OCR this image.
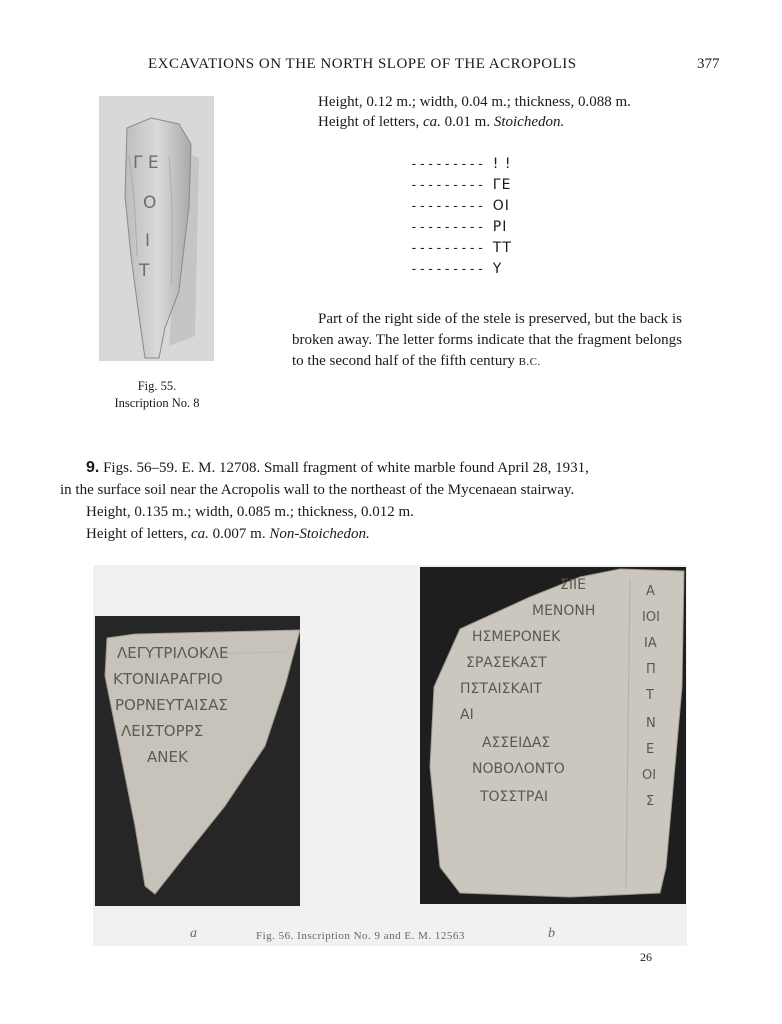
EXCAVATIONS ON THE NORTH SLOPE OF THE ACROPOLIS	377
Γ Ε
Ο
Ι
Τ
Fig. 55.
Inscription No. 8
Height, 0.12 m.; width, 0.04 m.; thickness, 0.088 m.
Height of letters, ca. 0.01 m. Stoichedon.
--------- ! !
--------- ΓΕ
--------- ΟΙ
--------- ΡΙ
--------- ΤΤ
--------- Υ
Part of the right side of the stele is preserved, but the back is broken away. The letter forms indicate that the fragment belongs to the second half of the fifth century B.C.
9. Figs. 56–59. E. M. 12708. Small fragment of white marble found April 28, 1931,
in the surface soil near the Acropolis wall to the northeast of the Mycenaean stairway.
Height, 0.135 m.; width, 0.085 m.; thickness, 0.012 m.
Height of letters, ca. 0.007 m. Non-Stoichedon.
ΛΕΓΥΤΡΙΛΟΚΛΕ
ΚΤΟΝΙΑΡΑΓΡΙΟ
ΡΟΡΝΕΥΤΑΙΣΑΣ
ΛΕΙΣΤΟΡΡΣ
ΑΝΕΚ
ΣΙΙΕ
ΜΕΝΟΝΗ
ΗΣΜΕΡΟΝΕΚ
ΣΡΑΣΕΚΑΣΤ
ΠΣΤΑΙΣΚΑΙΤ
ΑΙ
ΑΣΣΕΙΔΑΣ
ΝΟΒΟΛΟΝΤΟ
ΤΟΣΣΤΡΑΙ
Α
ΙΟΙ
ΙΑ
Π
Τ
Ν
Ε
ΟΙ
Σ
a	Fig. 56. Inscription No. 9 and E. M. 12563	b
26
